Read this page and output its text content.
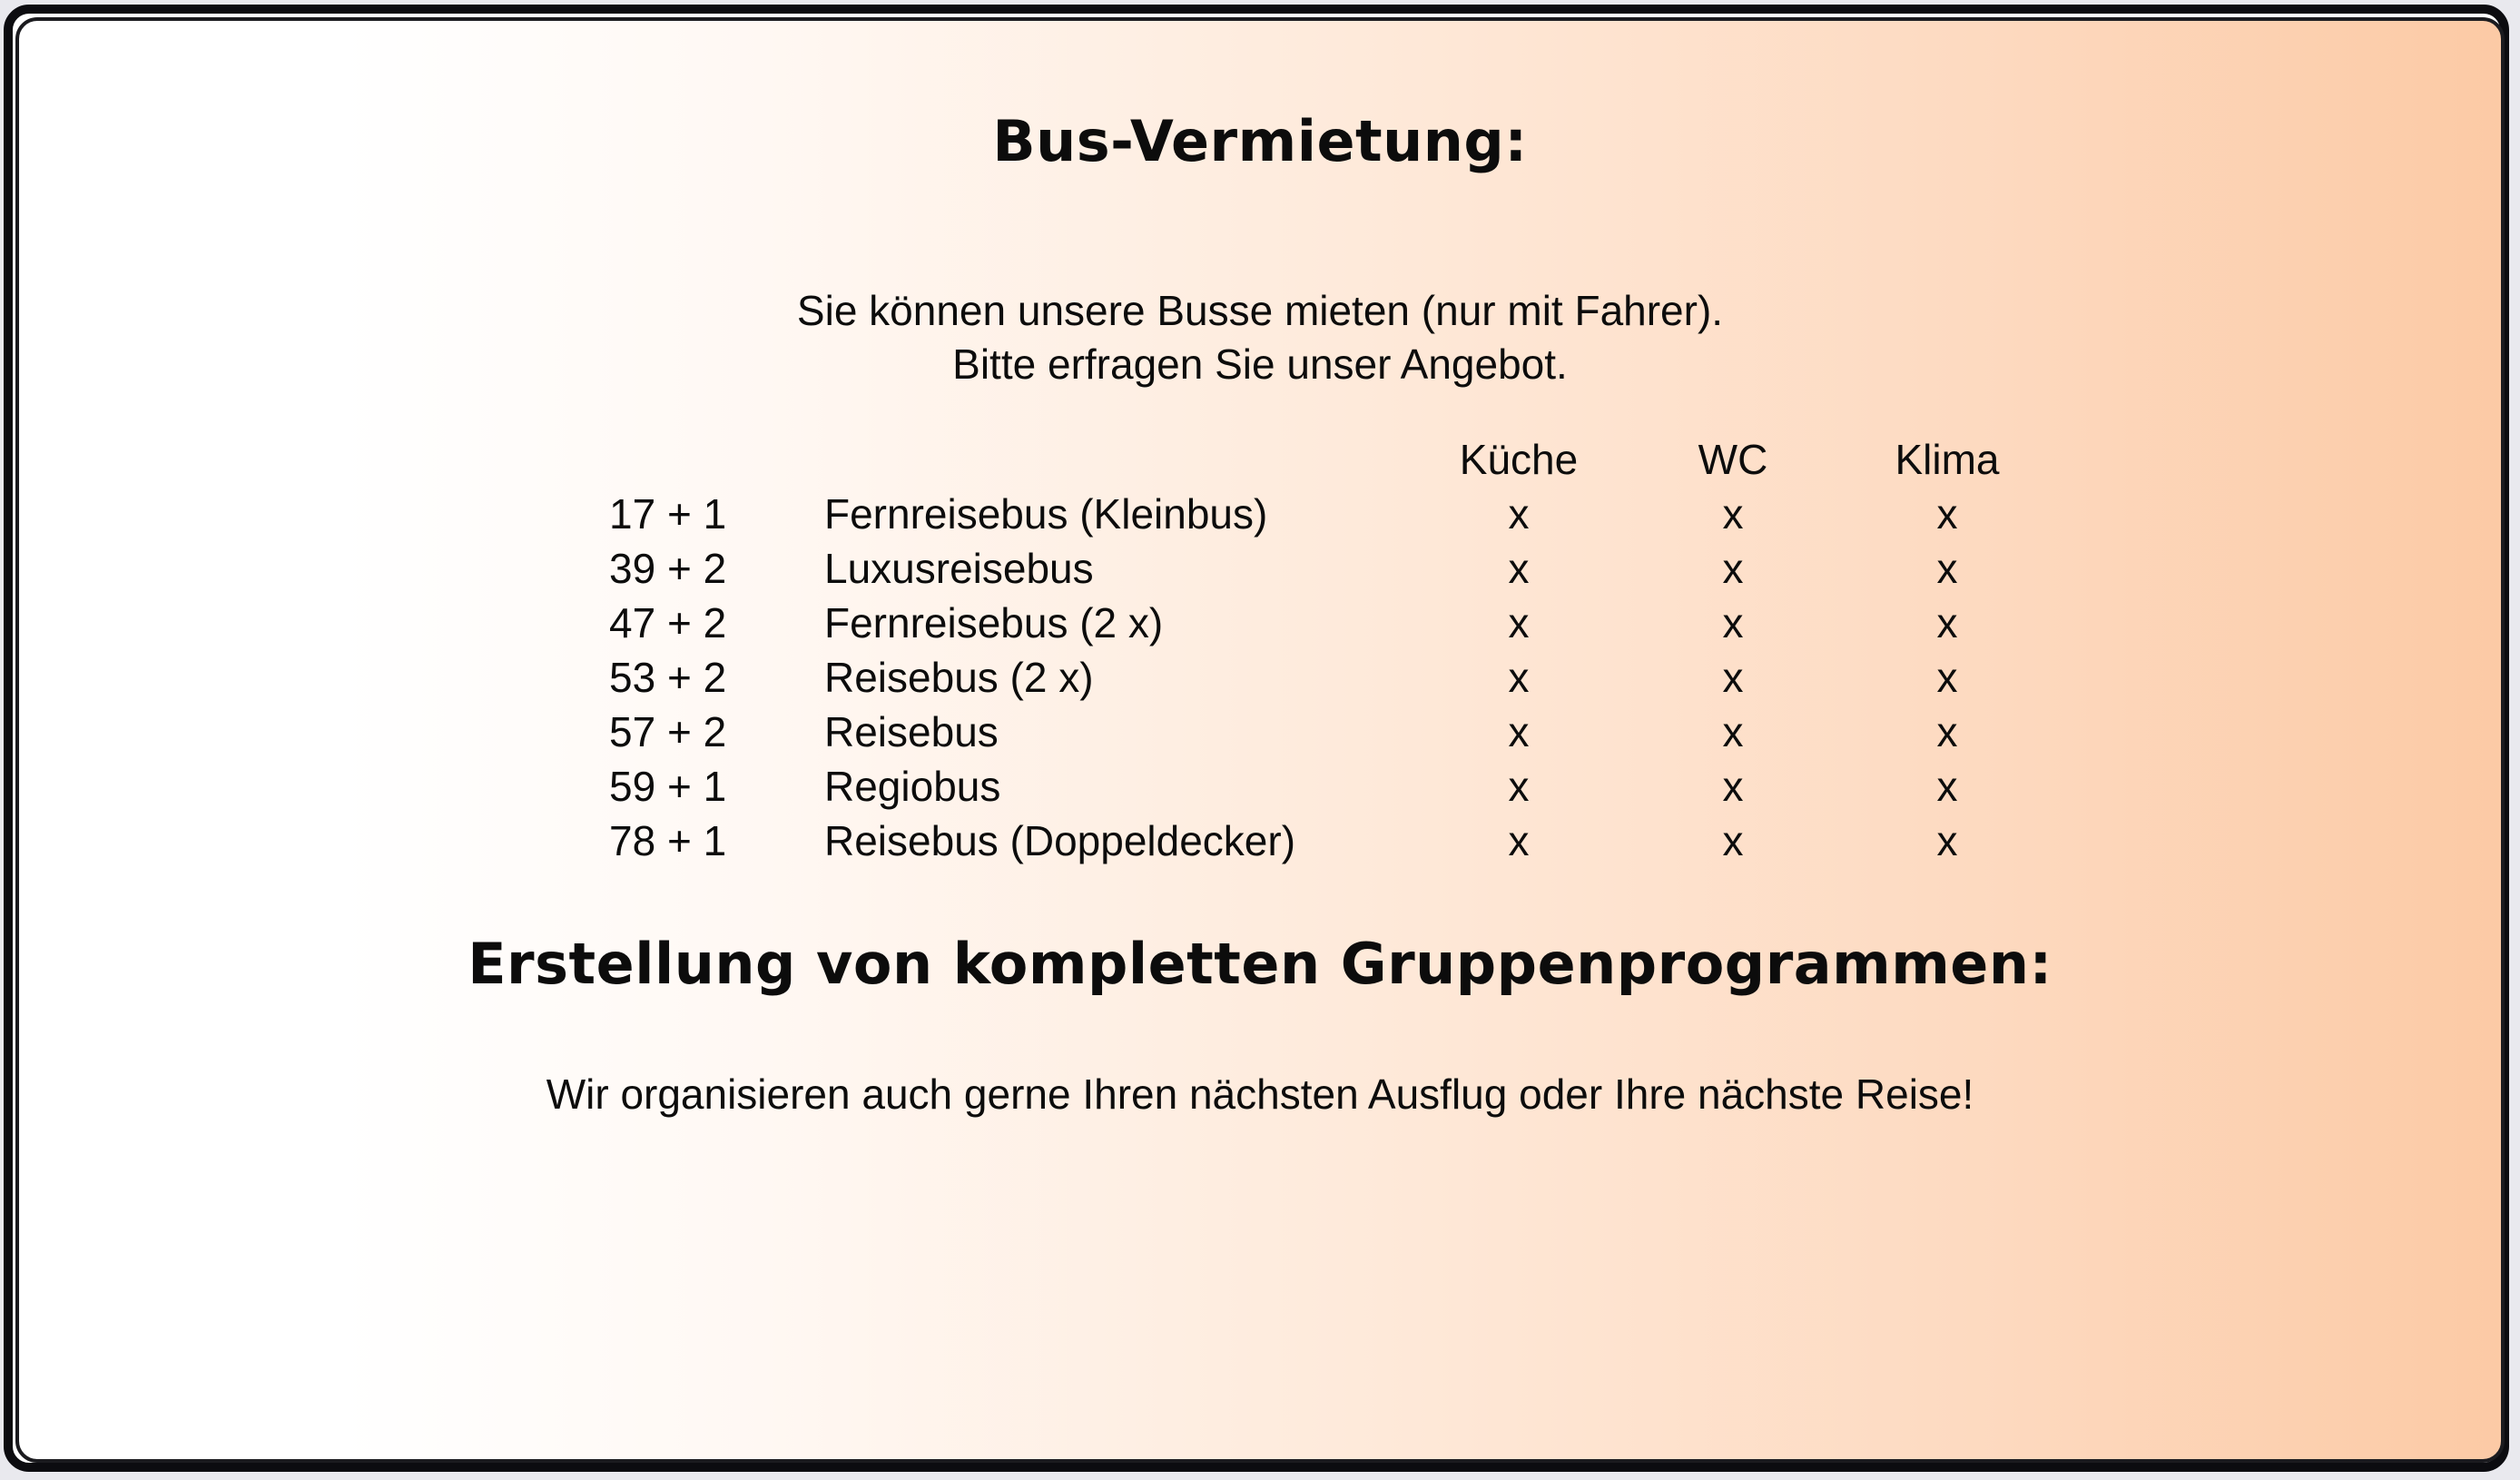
Bus-Vermietung:
Sie können unsere Busse mieten (nur mit Fahrer).
Bitte erfragen Sie unser Angebot.
Küche	WC	Klima
17 + 1 Fernreisebus (Kleinbus)	x	x	x
39 + 2 Luxusreisebus	x	x	x
47 + 2 Fernreisebus (2 x)	x	x	x
53 + 2 Reisebus (2 x)	x	x	x
57 + 2 Reisebus	x	x	x
59 + 1 Regiobus	x	x	x
78 + 1 Reisebus (Doppeldecker)	x	x	x
Erstellung von kompletten Gruppenprogrammen:
Wir organisieren auch gerne Ihren nächsten Ausflug oder Ihre nächste Reise!
